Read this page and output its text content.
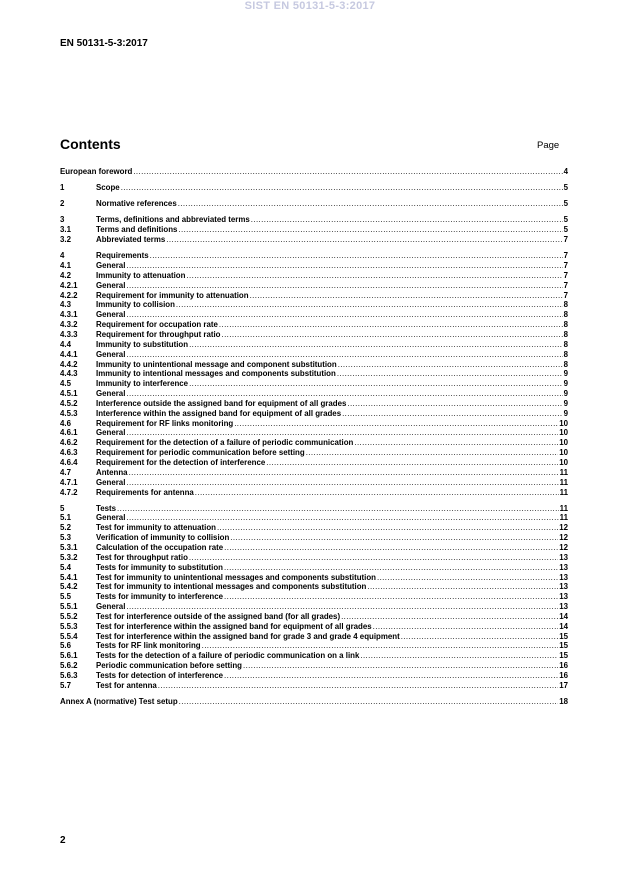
SIST EN 50131-5-3:2017
EN 50131-5-3:2017
Contents	Page
European foreword .....	4
1	Scope .....	5
2	Normative references .....	5
3	Terms, definitions and abbreviated terms .....	5
3.1	Terms and definitions .....	5
3.2	Abbreviated terms .....	7
4	Requirements .....	7
4.1	General .....	7
4.2	Immunity to attenuation .....	7
4.2.1	General .....	7
4.2.2	Requirement for immunity to attenuation .....	7
4.3	Immunity to collision .....	8
4.3.1	General .....	8
4.3.2	Requirement for occupation rate .....	8
4.3.3	Requirement for throughput ratio .....	8
4.4	Immunity to substitution .....	8
4.4.1	General .....	8
4.4.2	Immunity to unintentional message and component substitution .....	8
4.4.3	Immunity to intentional messages and components substitution .....	9
4.5	Immunity to interference .....	9
4.5.1	General .....	9
4.5.2	Interference outside the assigned band for equipment of all grades .....	9
4.5.3	Interference within the assigned band for equipment of all grades .....	9
4.6	Requirement for RF links monitoring .....	10
4.6.1	General .....	10
4.6.2	Requirement for the detection of a failure of periodic communication .....	10
4.6.3	Requirement for periodic communication before setting .....	10
4.6.4	Requirement for the detection of interference .....	10
4.7	Antenna .....	11
4.7.1	General .....	11
4.7.2	Requirements for antenna .....	11
5	Tests .....	11
5.1	General .....	11
5.2	Test for immunity to attenuation .....	12
5.3	Verification of immunity to collision .....	12
5.3.1	Calculation of the occupation rate .....	12
5.3.2	Test for throughput ratio .....	13
5.4	Tests for immunity to substitution .....	13
5.4.1	Test for immunity to unintentional messages and components substitution .....	13
5.4.2	Test for immunity to intentional messages and components substitution .....	13
5.5	Tests for immunity to interference .....	13
5.5.1	General .....	13
5.5.2	Test for interference outside of the assigned band (for all grades) .....	14
5.5.3	Test for interference within the assigned band for equipment of all grades .....	14
5.5.4	Test for interference within the assigned band for grade 3 and grade 4 equipment .....	15
5.6	Tests for RF link monitoring .....	15
5.6.1	Tests for the detection of a failure of periodic communication on a link .....	15
5.6.2	Periodic communication before setting .....	16
5.6.3	Tests for detection of interference .....	16
5.7	Test for antenna .....	17
Annex A (normative) Test setup .....	18
2
